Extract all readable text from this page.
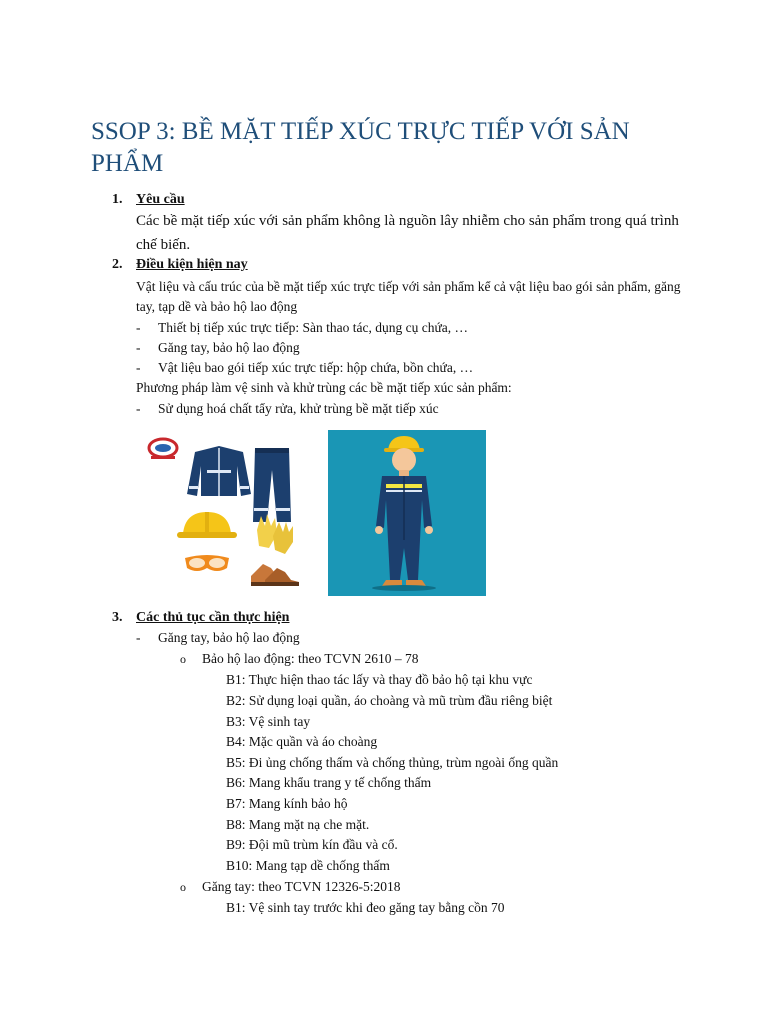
SSOP 3: BỀ MẶT TIẾP XÚC TRỰC TIẾP VỚI SẢN PHẨM
1. Yêu cầu
Các bề mặt tiếp xúc với sản phẩm không là nguồn lây nhiễm cho sản phẩm trong quá trình chế biến.
2. Điều kiện hiện nay
Vật liệu và cấu trúc của bề mặt tiếp xúc trực tiếp với sản phẩm kể cả vật liệu bao gói sản phẩm, găng tay, tạp dề và bảo hộ lao động
- Thiết bị tiếp xúc trực tiếp: Sàn thao tác, dụng cụ chứa, …
- Găng tay, bảo hộ lao động
- Vật liệu bao gói tiếp xúc trực tiếp: hộp chứa, bồn chứa, …
Phương pháp làm vệ sinh và khử trùng các bề mặt tiếp xúc sản phẩm:
- Sử dụng hoá chất tẩy rửa, khử trùng bề mặt tiếp xúc
3. Các thủ tục cần thực hiện
- Găng tay, bảo hộ lao động
o Bảo hộ lao động: theo TCVN 2610 – 78
B1: Thực hiện thao tác lấy và thay đồ bảo hộ tại khu vực
B2: Sử dụng loại quần, áo choàng và mũ trùm đầu riêng biệt
B3: Vệ sinh tay
B4: Mặc quần và áo choàng
B5: Đi ủng chống thấm và chống thủng, trùm ngoài ống quần
B6: Mang khẩu trang y tế chống thấm
B7: Mang kính bảo hộ
B8: Mang mặt nạ che mặt.
B9: Đội mũ trùm kín đầu và cổ.
B10: Mang tạp dề chống thấm
o Găng tay: theo TCVN 12326-5:2018
B1: Vệ sinh tay trước khi đeo găng tay bằng cồn 70
